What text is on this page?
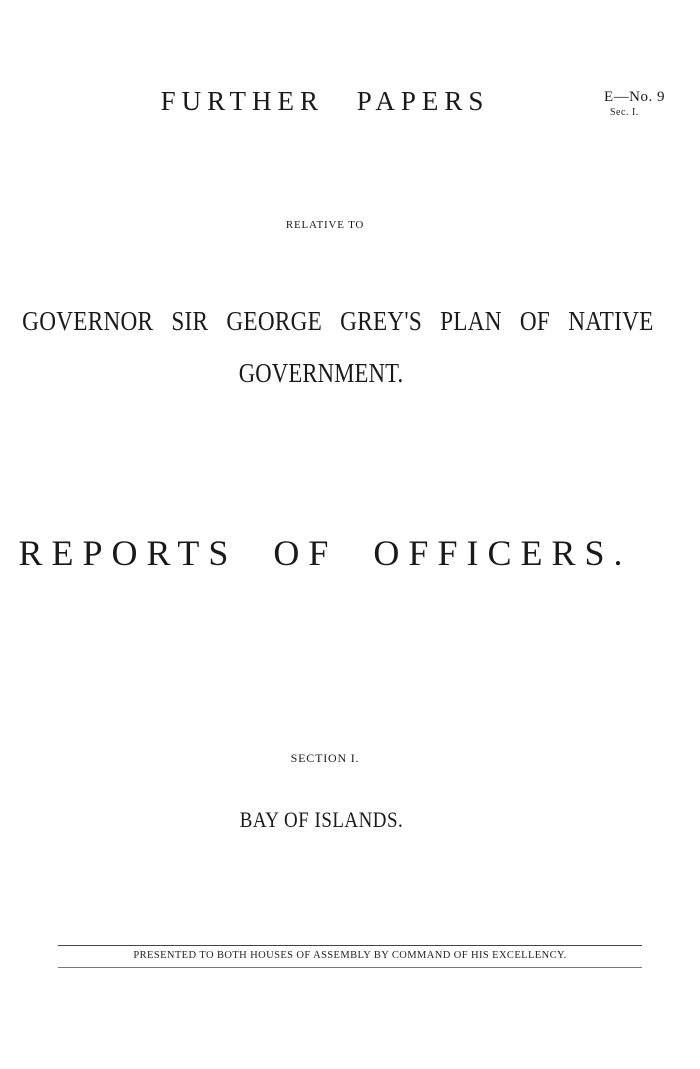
E—No. 9
Sec. I.
FURTHER PAPERS
RELATIVE TO
GOVERNOR SIR GEORGE GREY'S PLAN OF NATIVE
GOVERNMENT.
REPORTS OF OFFICERS.
SECTION I.
BAY OF ISLANDS.
PRESENTED TO BOTH HOUSES OF ASSEMBLY BY COMMAND OF HIS EXCELLENCY.
